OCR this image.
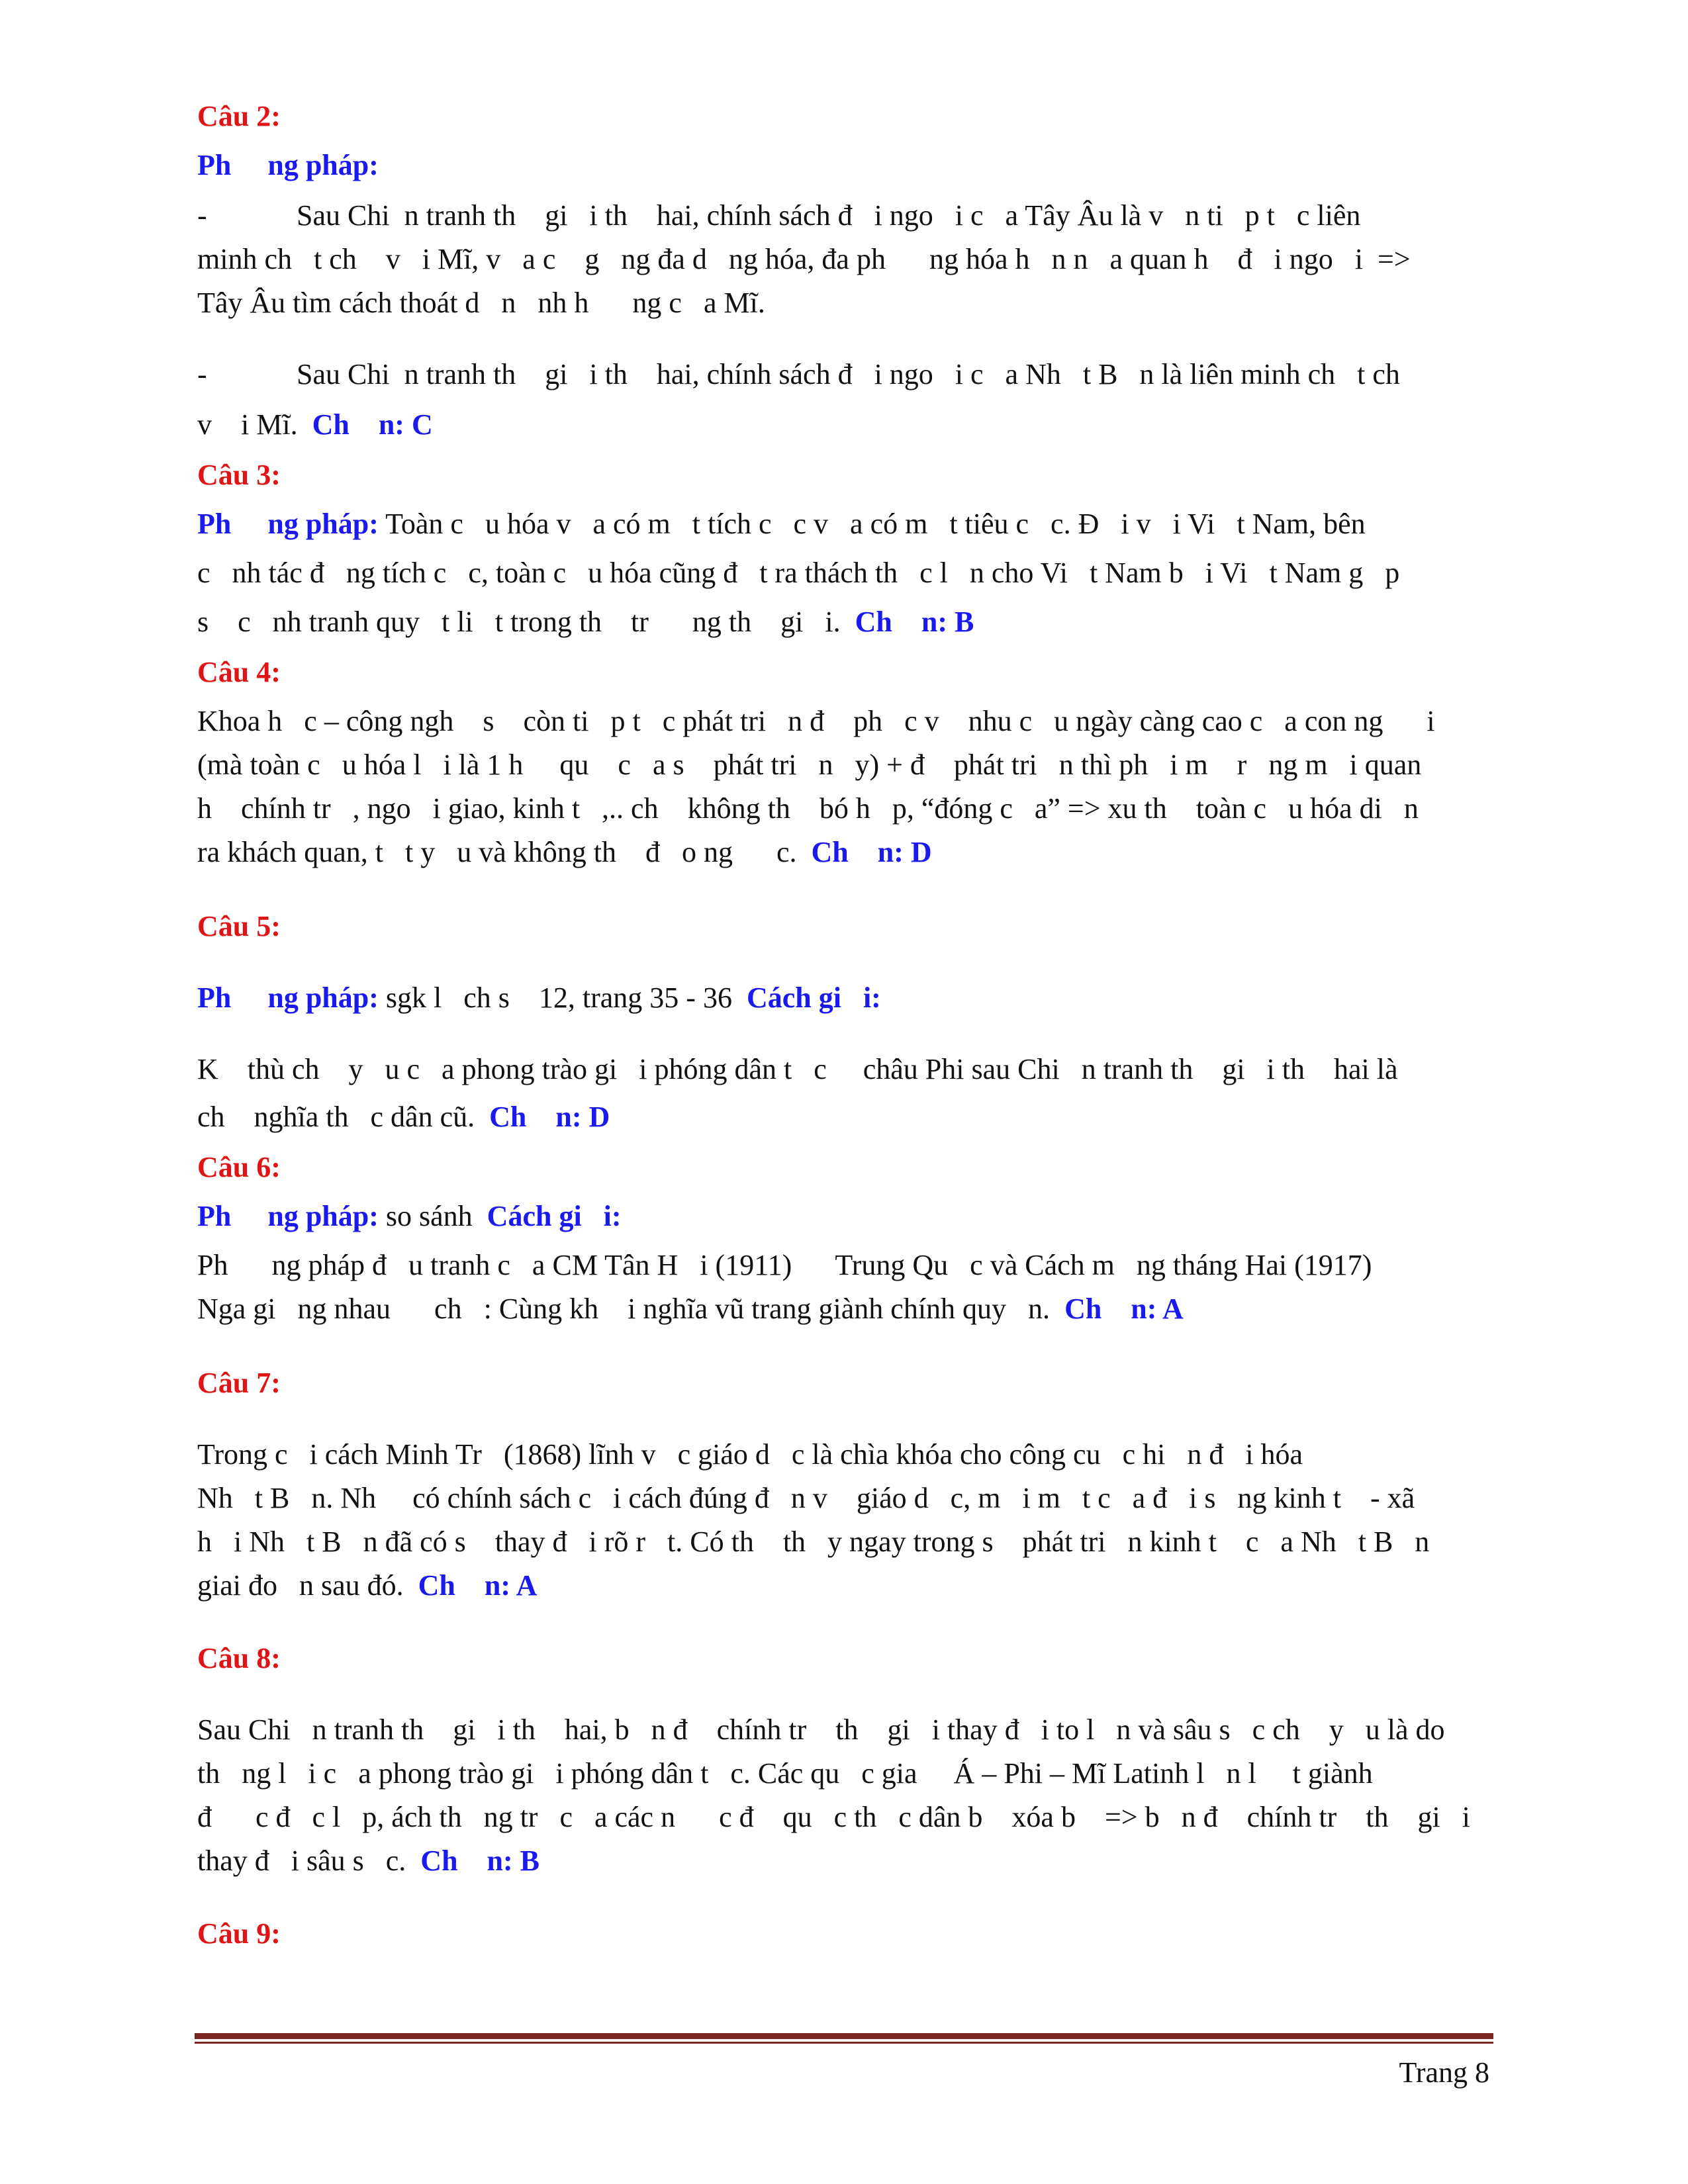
Câu 2:
Ph     ng pháp:
-	Sau Chi  n tranh th    gi   i th    hai, chính sách đ   i ngo   i c   a Tây Âu là v   n ti   p t   c liên
minh ch   t ch    v   i Mĩ, v   a c    g   ng đa d   ng hóa, đa ph      ng hóa h   n n   a quan h    đ   i ngo   i  =>
Tây Âu tìm cách thoát d   n   nh h      ng c   a Mĩ.
-	Sau Chi  n tranh th    gi   i th    hai, chính sách đ   i ngo   i c   a Nh   t B   n là liên minh ch   t ch
v    i Mĩ.  Ch    n: C
Câu 3:
Ph     ng pháp: Toàn c   u hóa v   a có m   t tích c   c v   a có m   t tiêu c   c. Đ   i v   i Vi   t Nam, bên
c   nh tác đ   ng tích c   c, toàn c   u hóa cũng đ   t ra thách th   c l   n cho Vi   t Nam b   i Vi   t Nam g   p
s    c   nh tranh quy   t li   t trong th    tr      ng th    gi   i.  Ch    n: B
Câu 4:
Khoa h   c – công ngh    s    còn ti   p t   c phát tri   n đ    ph   c v    nhu c   u ngày càng cao c   a con ng      i
(mà toàn c   u hóa l   i là 1 h     qu    c   a s    phát tri   n   y) + đ    phát tri   n thì ph   i m    r   ng m   i quan
h    chính tr   , ngo   i giao, kinh t   ,.. ch    không th    bó h   p, “đóng c   a” => xu th    toàn c   u hóa di   n
ra khách quan, t   t y   u và không th    đ   o ng      c.  Ch    n: D
Câu 5:
Ph     ng pháp: sgk l   ch s    12, trang 35 - 36  Cách gi   i:
K    thù ch    y   u c   a phong trào gi   i phóng dân t   c     châu Phi sau Chi   n tranh th    gi   i th    hai là
ch    nghĩa th   c dân cũ.  Ch    n: D
Câu 6:
Ph     ng pháp: so sánh  Cách gi   i:
Ph      ng pháp đ   u tranh c   a CM Tân H   i (1911)      Trung Qu   c và Cách m   ng tháng Hai (1917)
Nga gi   ng nhau      ch   : Cùng kh    i nghĩa vũ trang giành chính quy   n.  Ch    n: A
Câu 7:
Trong c   i cách Minh Tr   (1868) lĩnh v   c giáo d   c là chìa khóa cho công cu   c hi   n đ   i hóa
Nh   t B   n. Nh     có chính sách c   i cách đúng đ   n v    giáo d   c, m   i m   t c   a đ   i s   ng kinh t    - xã
h   i Nh   t B   n đã có s    thay đ   i rõ r   t. Có th    th   y ngay trong s    phát tri   n kinh t    c   a Nh   t B   n
giai đo   n sau đó.  Ch    n: A
Câu 8:
Sau Chi   n tranh th    gi   i th    hai, b   n đ    chính tr    th    gi   i thay đ   i to l   n và sâu s   c ch    y   u là do
th   ng l   i c   a phong trào gi   i phóng dân t   c. Các qu   c gia     Á – Phi – Mĩ Latinh l   n l     t giành
đ      c đ   c l   p, ách th   ng tr   c   a các n      c đ    qu   c th   c dân b    xóa b    => b   n đ    chính tr    th    gi   i
thay đ   i sâu s   c.  Ch    n: B
Câu 9:
Trang 8
